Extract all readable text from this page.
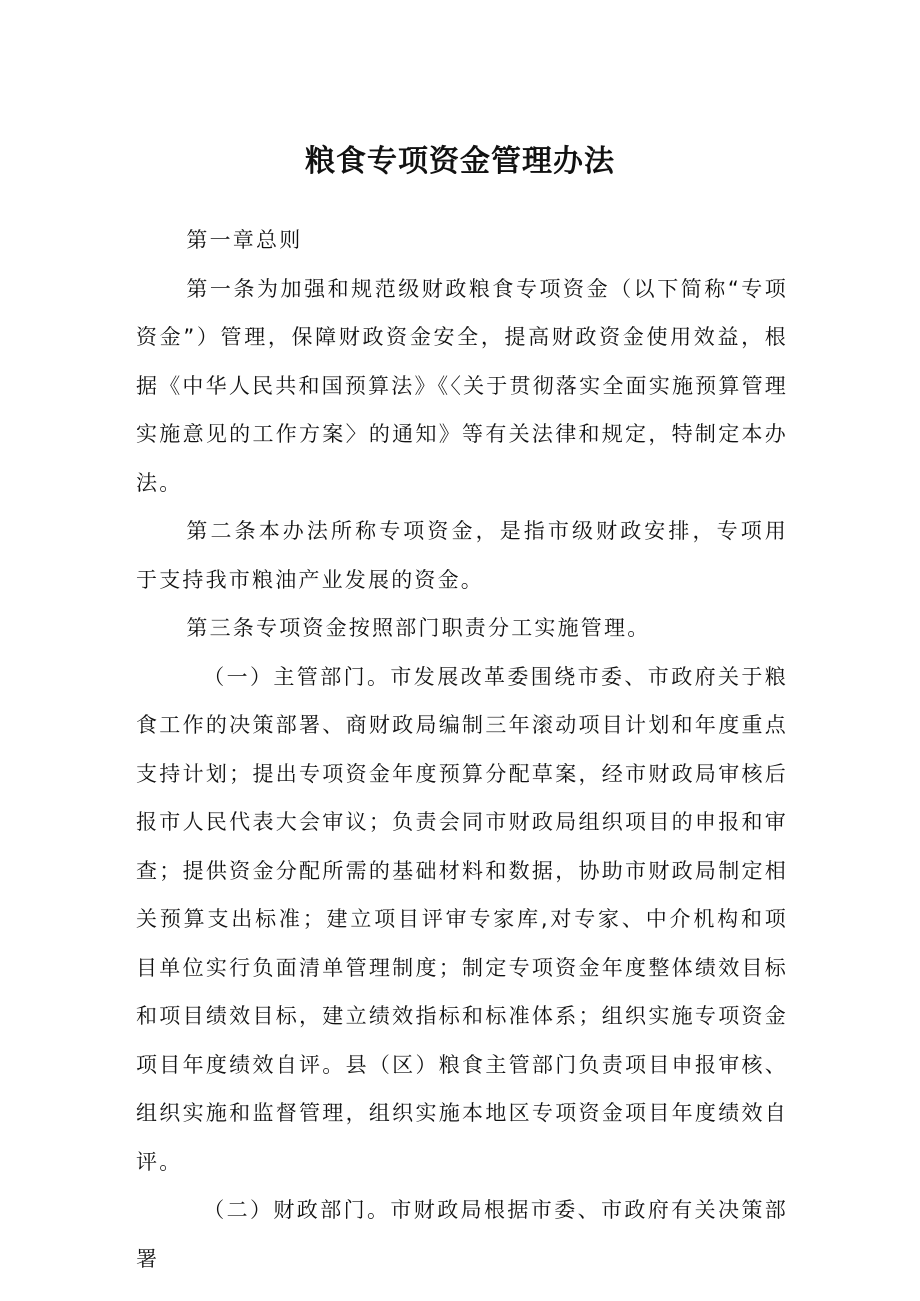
粮食专项资金管理办法

第一章总则

第一条为加强和规范级财政粮食专项资金（以下简称“专项资金”）管理，保障财政资金安全，提高财政资金使用效益，根据《中华人民共和国预算法》《〈关于贯彻落实全面实施预算管理实施意见的工作方案〉的通知》等有关法律和规定，特制定本办法。

第二条本办法所称专项资金，是指市级财政安排，专项用于支持我市粮油产业发展的资金。

第三条专项资金按照部门职责分工实施管理。

（一）主管部门。市发展改革委围绕市委、市政府关于粮食工作的决策部署、商财政局编制三年滚动项目计划和年度重点支持计划；提出专项资金年度预算分配草案，经市财政局审核后报市人民代表大会审议；负责会同市财政局组织项目的申报和审查；提供资金分配所需的基础材料和数据，协助市财政局制定相关预算支出标准；建立项目评审专家库,对专家、中介机构和项目单位实行负面清单管理制度；制定专项资金年度整体绩效目标和项目绩效目标，建立绩效指标和标准体系；组织实施专项资金项目年度绩效自评。县（区）粮食主管部门负责项目申报审核、组织实施和监督管理，组织实施本地区专项资金项目年度绩效自评。

（二）财政部门。市财政局根据市委、市政府有关决策部署
